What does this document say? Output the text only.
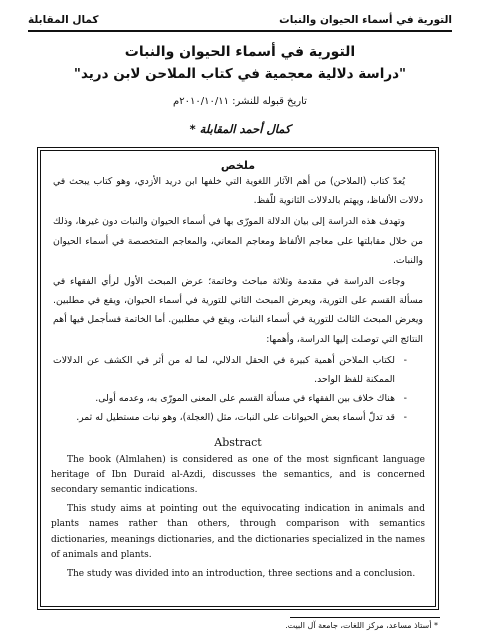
التورية في أسماء الحيوان والنبات
كمال المقابلة
التورية في أسماء الحيوان والنبات
"دراسة دلالية معجمية في كتاب الملاحن لابن دريد"
تاريخ قبوله للنشر: ٢٠١٠/١٠/١١م
كمال أحمد المقابلة *
ملخص

يُعدّ كتاب (الملاحن) من أهم الآثار اللغوية التي خلفها ابن دريد الأزدي، وهو كتاب يبحث في دلالات الألفاظ، ويهتم بالدلالات الثانوية للّفظ.

وتهدف هذه الدراسة إلى بيان الدلالة المورّى بها في أسماء الحيوان والنبات دون غيرها، وذلك من خلال مقابلتها على معاجم الألفاظ ومعاجم المعاني، والمعاجم المتخصصة في أسماء الحيوان والنبات.

وجاءت الدراسة في مقدمة وثلاثة مباحث وخاتمة؛ عرض المبحث الأول لرأي الفقهاء في مسألة القسم على التورية، ويعرض المبحث الثاني للتورية في أسماء الحيوان، ويقع في مطلبين. ويعرض المبحث الثالث للتورية في أسماء النبات، ويقع في مطلبين. أما الخاتمة فسأجمل فيها أهم النتائج التي توصلت إليها الدراسة، وأهمها:

- لكتاب الملاحن أهمية كبيرة في الحقل الدلالي، لما له من أثر في الكشف عن الدلالات الممكنة للفظ الواحد.
- هناك خلاف بين الفقهاء في مسألة القسم على المعنى المورّى به، وعدمه أولى.
- قد تدلّ أسماء بعض الحيوانات على النبات، مثل (العجلة)، وهو نبات مستطيل له ثمر.
Abstract

The book (Almlahen) is considered as one of the most signficant language heritage of Ibn Duraid al-Azdi, discusses the semantics, and is concerned secondary semantic indications.

This study aims at pointing out the equivocating indication in animals and plants names rather than others, through comparison with semantics dictionaries, meanings dictionaries, and the dictionaries specialized in the names of animals and plants.

The study was divided into an introduction, three sections and a conclusion.

* أستاذ مساعد، مركز اللغات، جامعة آل البيت.
